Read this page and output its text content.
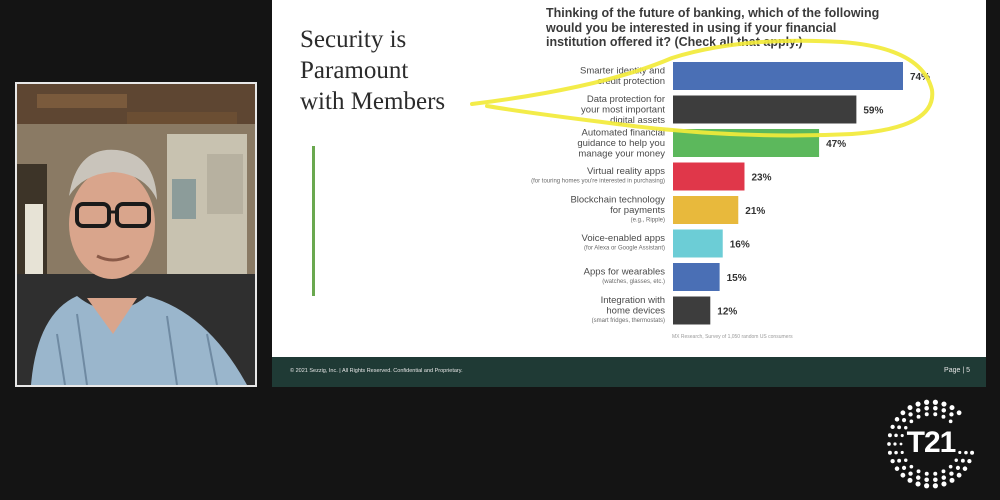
Security is
Paramount
with Members

Thinking of the future of banking, which of the following
would you be interested in using if your financial
institution offered it? (Check all that apply.)

74%
Smarter identity and
credit protection
59%
Data protection for
your most important
digital assets
47%
Automated financial
guidance to help you
manage your money
23%
Virtual reality apps
(for touring homes you're interested in purchasing)
21%
Blockchain technology
for payments
(e.g., Ripple)
16%
Voice-enabled apps
(for Alexa or Google Assistant)
15%
Apps for wearables
(watches, glasses, etc.)
12%
Integration with
home devices
(smart fridges, thermostats)

MX Research, Survey of 1,050 random US consumers

© 2021 Sezzig, Inc. | All Rights Reserved. Confidential and Proprietary.	Page | 5
T21
